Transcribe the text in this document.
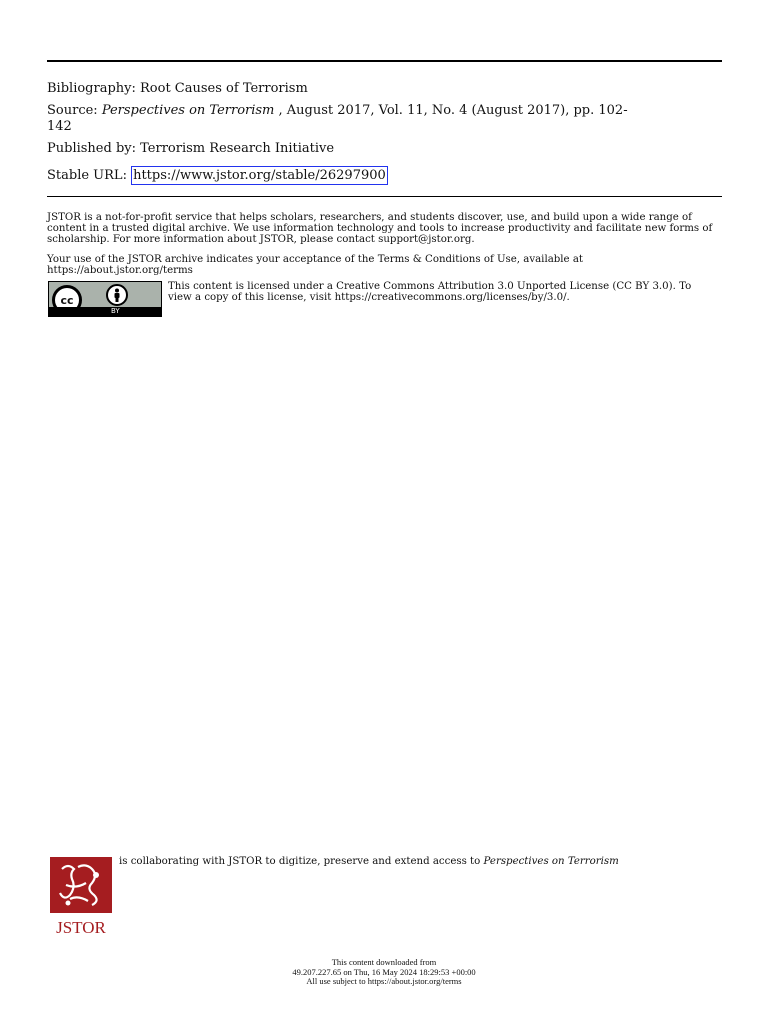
Bibliography: Root Causes of Terrorism
Source: Perspectives on Terrorism , August 2017, Vol. 11, No. 4 (August 2017), pp. 102-
142
Published by: Terrorism Research Initiative
Stable URL: https://www.jstor.org/stable/26297900
JSTOR is a not-for-profit service that helps scholars, researchers, and students discover, use, and build upon a wide range of content in a trusted digital archive. We use information technology and tools to increase productivity and facilitate new forms of scholarship. For more information about JSTOR, please contact support@jstor.org.
Your use of the JSTOR archive indicates your acceptance of the Terms & Conditions of Use, available at https://about.jstor.org/terms
cc
BY
This content is licensed under a Creative Commons Attribution 3.0 Unported License (CC BY 3.0). To view a copy of this license, visit https://creativecommons.org/licenses/by/3.0/.
JSTOR
is collaborating with JSTOR to digitize, preserve and extend access to Perspectives on Terrorism
This content downloaded from
49.207.227.65 on Thu, 16 May 2024 18:29:53 +00:00
All use subject to https://about.jstor.org/terms
